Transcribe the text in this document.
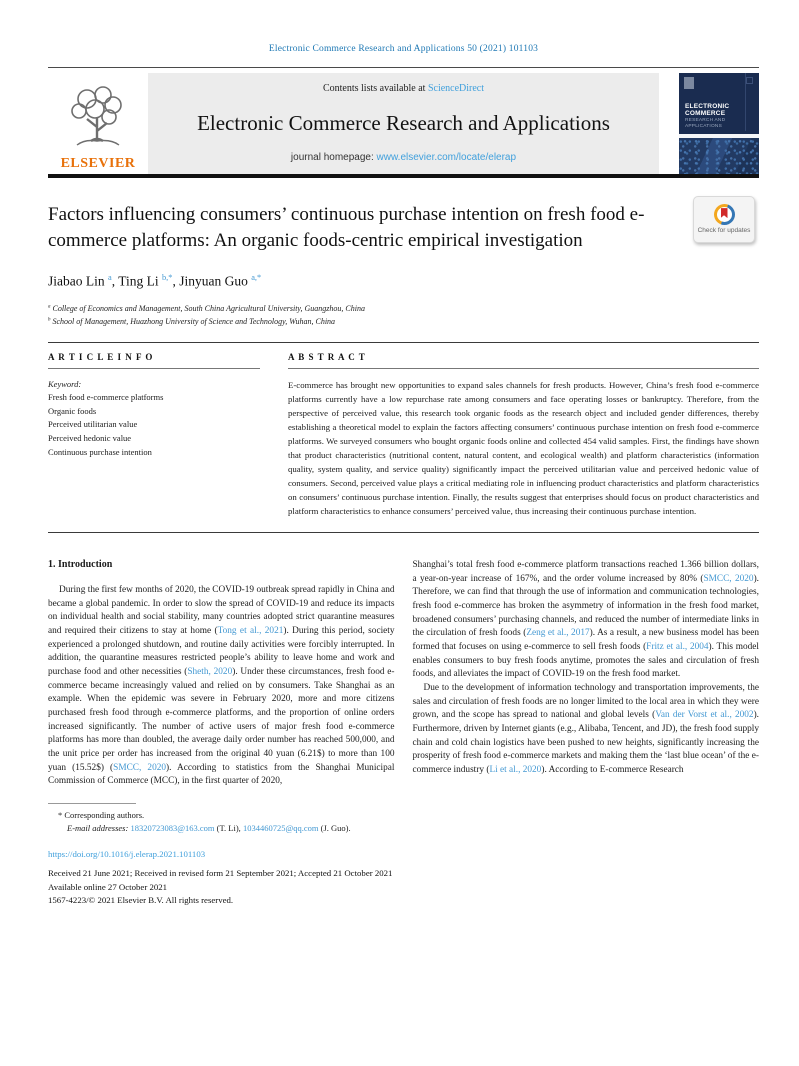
Electronic Commerce Research and Applications 50 (2021) 101103
ELSEVIER
Contents lists available at ScienceDirect
Electronic Commerce Research and Applications
journal homepage: www.elsevier.com/locate/elerap
ELECTRONIC
COMMERCE
RESEARCH AND
APPLICATIONS
Factors influencing consumers’ continuous purchase intention on fresh food e-commerce platforms: An organic foods-centric empirical investigation	Check for updates
Jiabao Lin $^a$, Ting Li $^{b,*}$, Jinyuan Guo $^{a,*}$
$^a$ College of Economics and Management, South China Agricultural University, Guangzhou, China
$^b$ School of Management, Huazhong University of Science and Technology, Wuhan, China
A R T I C L E I N F O
Keyword:
Fresh food e-commerce platforms
Organic foods
Perceived utilitarian value
Perceived hedonic value
Continuous purchase intention
A B S T R A C T
E-commerce has brought new opportunities to expand sales channels for fresh products. However, China’s fresh food e-commerce platforms currently have a low repurchase rate among consumers and face operating losses or bankruptcy. Therefore, from the perspective of perceived value, this research took organic foods as the research object and included gender differences, thereby establishing a theoretical model to explain the factors affecting consumers’ continuous purchase intention on fresh food e-commerce platforms. We surveyed consumers who bought organic foods online and collected 454 valid samples. First, the findings have shown that product characteristics (nutritional content, natural content, and ecological wealth) and platform characteristics (information quality, system quality, and service quality) significantly impact the perceived utilitarian value and perceived hedonic value of consumers. Second, perceived value plays a critical mediating role in influencing product characteristics and platform characteristics on consumers’ continuous purchase intention. Finally, the results suggest that enterprises should focus on product characteristics and platform characteristics to enhance consumers’ perceived value, thus increasing their continuous purchase intention.
1. Introduction
During the first few months of 2020, the COVID-19 outbreak spread rapidly in China and became a global pandemic. In order to slow the spread of COVID-19 and reduce its impacts on individual health and social stability, many countries adopted strict quarantine measures and required their citizens to stay at home (Tong et al., 2021). During this period, society experienced a prolonged shutdown, and routine daily activities were forcibly interrupted. In addition, the quarantine measures restricted people’s ability to leave home and work and purchase food and other necessities (Sheth, 2020). Under these circumstances, fresh food e-commerce became increasingly valued and relied on by consumers. Take Shanghai as an example. When the epidemic was severe in February 2020, more and more citizens purchased fresh food through e-commerce platforms, and the proportion of online orders increased significantly. The number of active users of major fresh food e-commerce platforms has more than doubled, the average daily order number has reached 500,000, and the unit price per order has increased from the original 40 yuan (6.21$) to more than 100 yuan (15.52$) (SMCC, 2020). According to statistics from the Shanghai Municipal Commission of Commerce (MCC), in the first quarter of 2020,
Shanghai’s total fresh food e-commerce platform transactions reached 1.366 billion dollars, a year-on-year increase of 167%, and the order volume increased by 80% (SMCC, 2020). Therefore, we can find that through the use of information and communication technologies, fresh food e-commerce has broken the asymmetry of information in the fresh food market, broadened consumers’ purchasing channels, and reduced the number of intermediate links in the circulation of fresh foods (Zeng et al., 2017). As a result, a new business model has been formed that focuses on using e-commerce to sell fresh foods (Fritz et al., 2004). This model enables consumers to buy fresh foods anytime, promotes the sales and circulation of fresh foods, and alleviates the impact of COVID-19 on the fresh food market.
Due to the development of information technology and transportation improvements, the sales and circulation of fresh foods are no longer limited to the local area in which they were grown, and the scope has spread to national and global levels (Van der Vorst et al., 2002). Furthermore, driven by Internet giants (e.g., Alibaba, Tencent, and JD), the fresh food supply chain and cold chain logistics have been pushed to new heights, significantly increasing the prosperity of fresh food e-commerce markets and making them the ‘last blue ocean’ of the e-commerce industry (Li et al., 2020). According to E-commerce Research
* Corresponding authors.
E-mail addresses: 18320723083@163.com (T. Li), 1034460725@qq.com (J. Guo).
https://doi.org/10.1016/j.elerap.2021.101103
Received 21 June 2021; Received in revised form 21 September 2021; Accepted 21 October 2021
Available online 27 October 2021
1567-4223/© 2021 Elsevier B.V. All rights reserved.
